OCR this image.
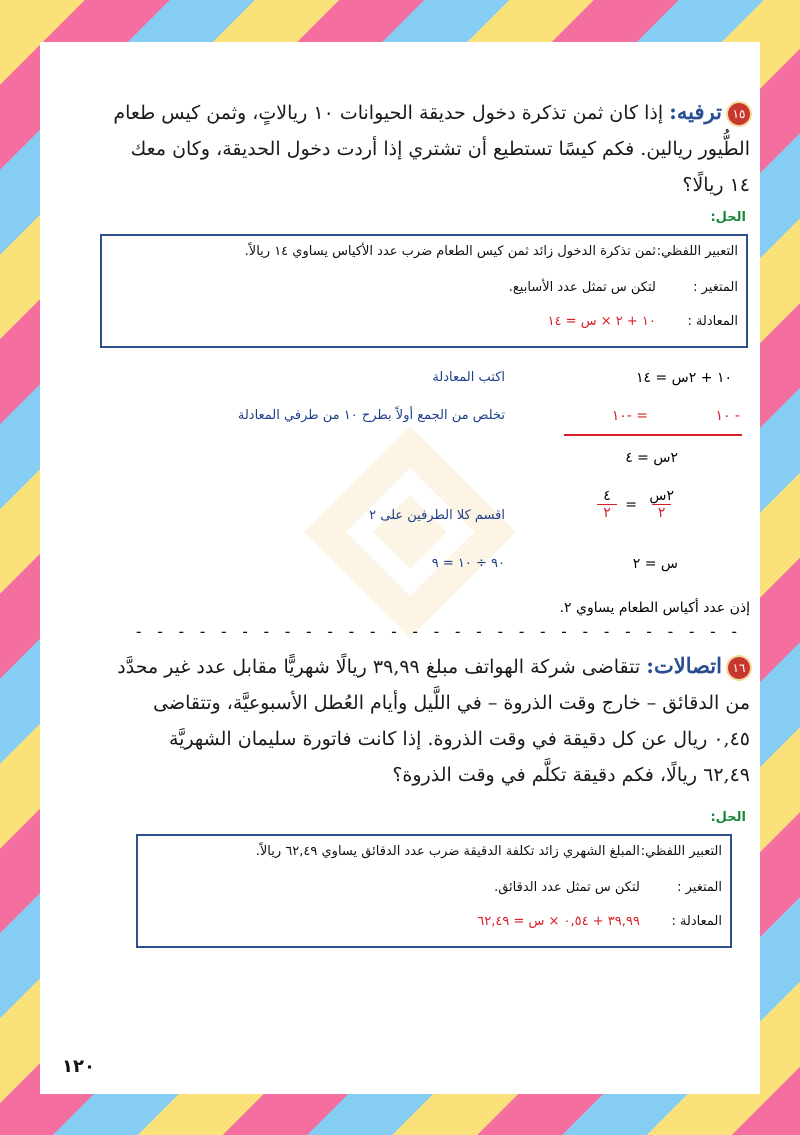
١٥ترفيه: إذا كان ثمن تذكرة دخول حديقة الحيوانات ١٠ ريالاتٍ، وثمن كيس طعام
الطُّيور ريالين. فكم كيسًا تستطيع أن تشتري إذا أردت دخول الحديقة، وكان معك
١٤ ريالًا؟
الحل:
التعبير اللفظي: ثمن تذكرة الدخول زائد ثمن كيس الطعام ضرب عدد الأكياس يساوي ١٤ ريالاً.
المتغير : لتكن س تمثل عدد الأسابيع.
المعادلة : ١٠ + ٢ × س = ١٤
١٠ + ٢س = ١٤
اكتب المعادلة
- ١٠
= -١٠
تخلص من الجمع أولاً بطرح ١٠ من طرفي المعادلة
٢س = ٤
$\frac{\text{٢س}}{٢}$
=
$\frac{٤}{٢}$
اقسم كلا الطرفين على ٢
س = ٢
٩٠ ÷ ١٠ = ٩
إذن عدد أكياس الطعام يساوي ٢.
- - - - - - - - - - - - - - - - - - - - - - - - - - - - -
١٦اتصالات: تتقاضى شركة الهواتف مبلغ ٣٩,٩٩ ريالًا شهريًّا مقابل عدد غير محدَّد
من الدقائق – خارج وقت الذروة – في اللَّيل وأيام العُطل الأسبوعيَّة، وتتقاضى
٠,٤٥ ريال عن كل دقيقة في وقت الذروة. إذا كانت فاتورة سليمان الشهريَّة
٦٢,٤٩ ريالًا، فكم دقيقة تكلَّم في وقت الذروة؟
الحل:
التعبير اللفظي: المبلغ الشهري زائد تكلفة الدقيقة ضرب عدد الدقائق يساوي ٦٢,٤٩ ريالاً.
المتغير : لتكن س تمثل عدد الدقائق.
المعادلة : ٣٩,٩٩ + ٠,٥٤ × س = ٦٢,٤٩
١٢٠
